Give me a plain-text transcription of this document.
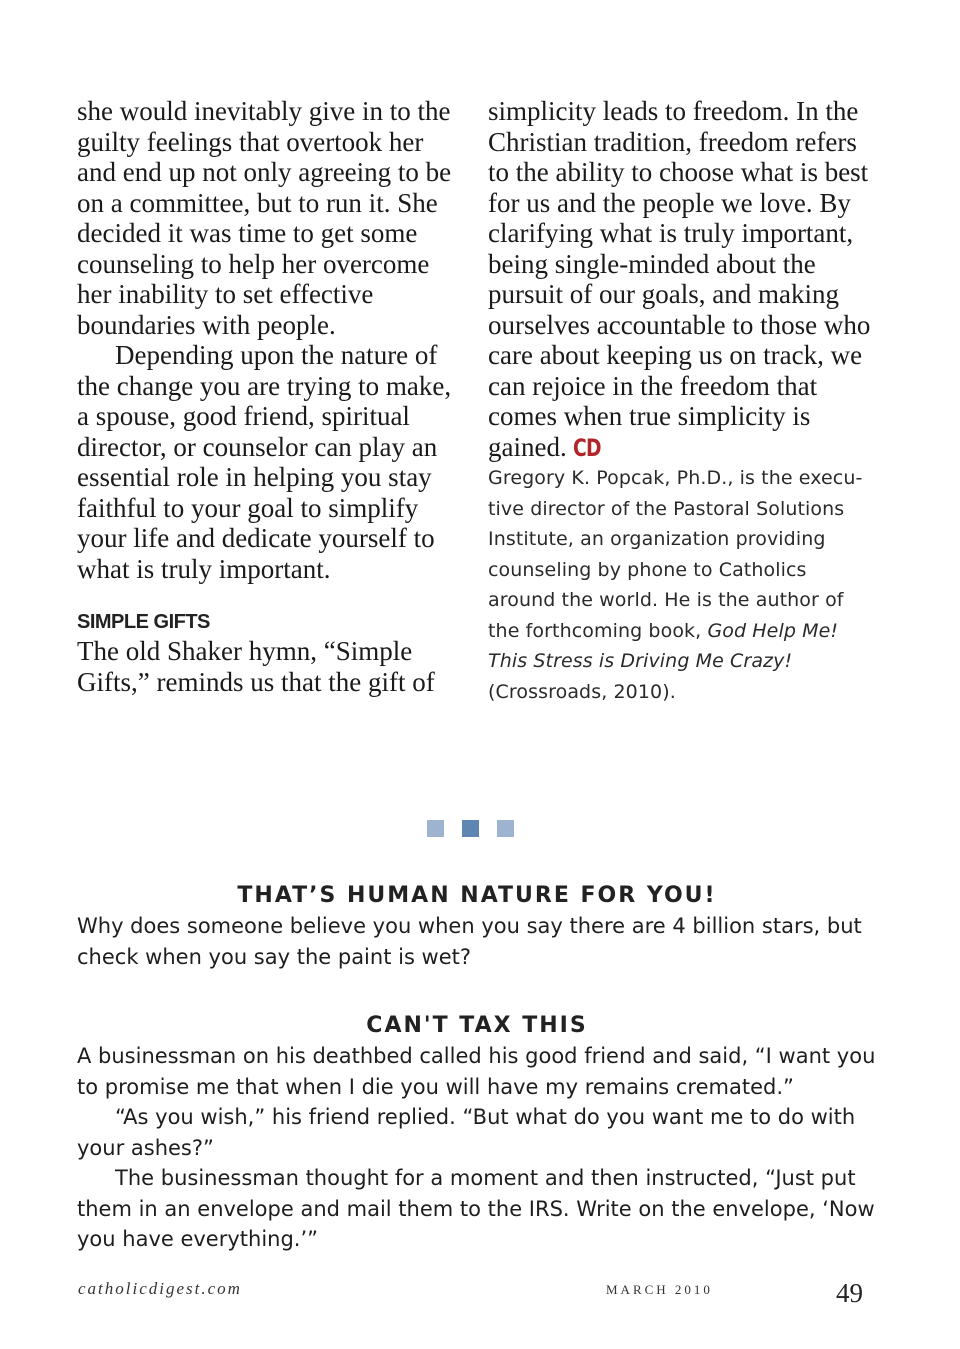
she would inevitably give in to the guilty feelings that overtook her and end up not only agreeing to be on a committee, but to run it. She decided it was time to get some counseling to help her overcome her inability to set effective boundaries with people.

Depending upon the nature of the change you are trying to make, a spouse, good friend, spiritual director, or counselor can play an essential role in helping you stay faithful to your goal to simplify your life and dedicate yourself to what is truly important.

SIMPLE GIFTS

The old Shaker hymn, “Simple Gifts,” reminds us that the gift of

simplicity leads to freedom. In the Christian tradition, freedom refers to the ability to choose what is best for us and the people we love. By clarifying what is truly important, being single-minded about the pursuit of our goals, and making ourselves accountable to those who care about keeping us on track, we can rejoice in the freedom that comes when true simplicity is gained. CD

Gregory K. Popcak, Ph.D., is the executive director of the Pastoral Solutions Institute, an organization providing counseling by phone to Catholics around the world. He is the author of the forthcoming book, God Help Me! This Stress is Driving Me Crazy! (Crossroads, 2010).

THAT’S HUMAN NATURE FOR YOU!

Why does someone believe you when you say there are 4 billion stars, but check when you say the paint is wet?

CAN'T TAX THIS

A businessman on his deathbed called his good friend and said, “I want you to promise me that when I die you will have my remains cremated.”

“As you wish,” his friend replied. “But what do you want me to do with your ashes?”

The businessman thought for a moment and then instructed, “Just put them in an envelope and mail them to the IRS. Write on the envelope, ‘Now you have everything.’”

catholicdigest.com	MARCH 2010	49
